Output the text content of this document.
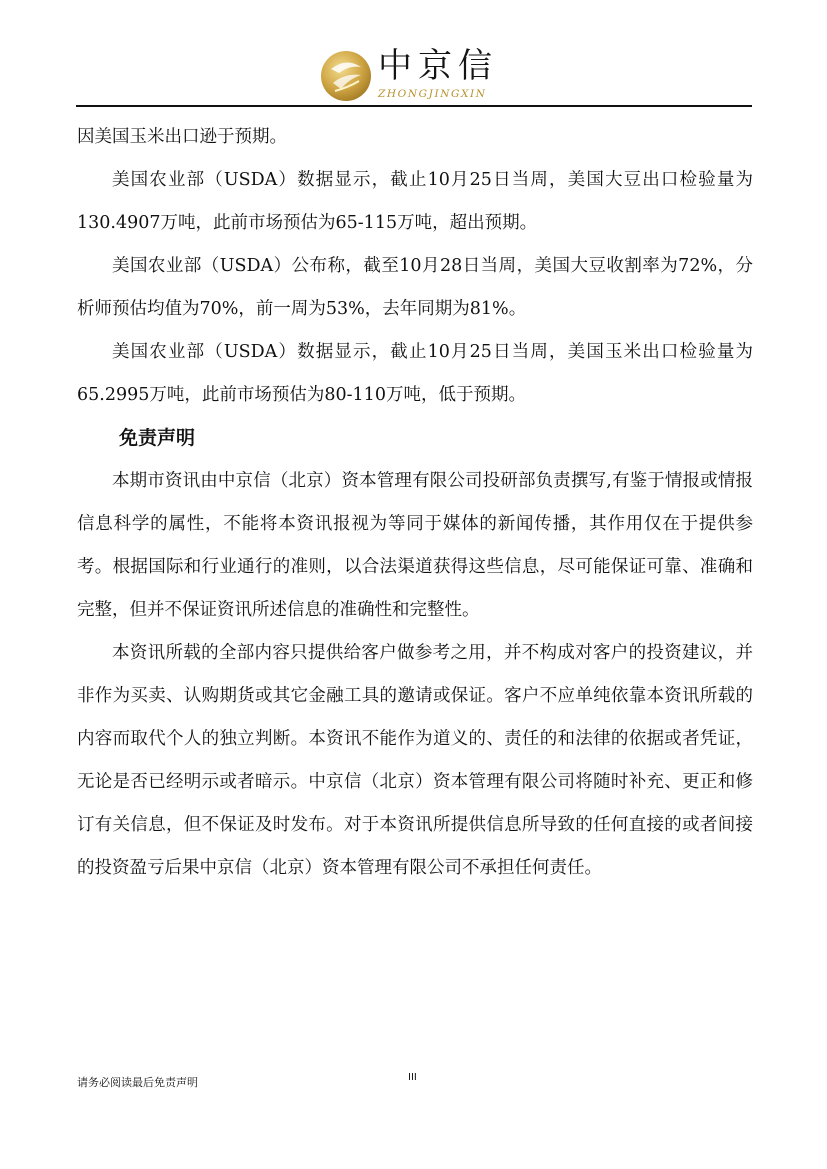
中京信
ZHONGJINGXIN

因美国玉米出口逊于预期。

美国农业部（USDA）数据显示，截止10月25日当周，美国大豆出口检验量为130.4907万吨，此前市场预估为65-115万吨，超出预期。

美国农业部（USDA）公布称，截至10月28日当周，美国大豆收割率为72%，分析师预估均值为70%，前一周为53%，去年同期为81%。

美国农业部（USDA）数据显示，截止10月25日当周，美国玉米出口检验量为65.2995万吨，此前市场预估为80-110万吨，低于预期。

免责声明

本期市资讯由中京信（北京）资本管理有限公司投研部负责撰写,有鉴于情报或情报信息科学的属性，不能将本资讯报视为等同于媒体的新闻传播，其作用仅在于提供参考。根据国际和行业通行的准则，以合法渠道获得这些信息，尽可能保证可靠、准确和完整，但并不保证资讯所述信息的准确性和完整性。

本资讯所载的全部内容只提供给客户做参考之用，并不构成对客户的投资建议，并非作为买卖、认购期货或其它金融工具的邀请或保证。客户不应单纯依靠本资讯所载的内容而取代个人的独立判断。本资讯不能作为道义的、责任的和法律的依据或者凭证，无论是否已经明示或者暗示。中京信（北京）资本管理有限公司将随时补充、更正和修订有关信息，但不保证及时发布。对于本资讯所提供信息所导致的任何直接的或者间接的投资盈亏后果中京信（北京）资本管理有限公司不承担任何责任。

请务必阅读最后免责声明	III
